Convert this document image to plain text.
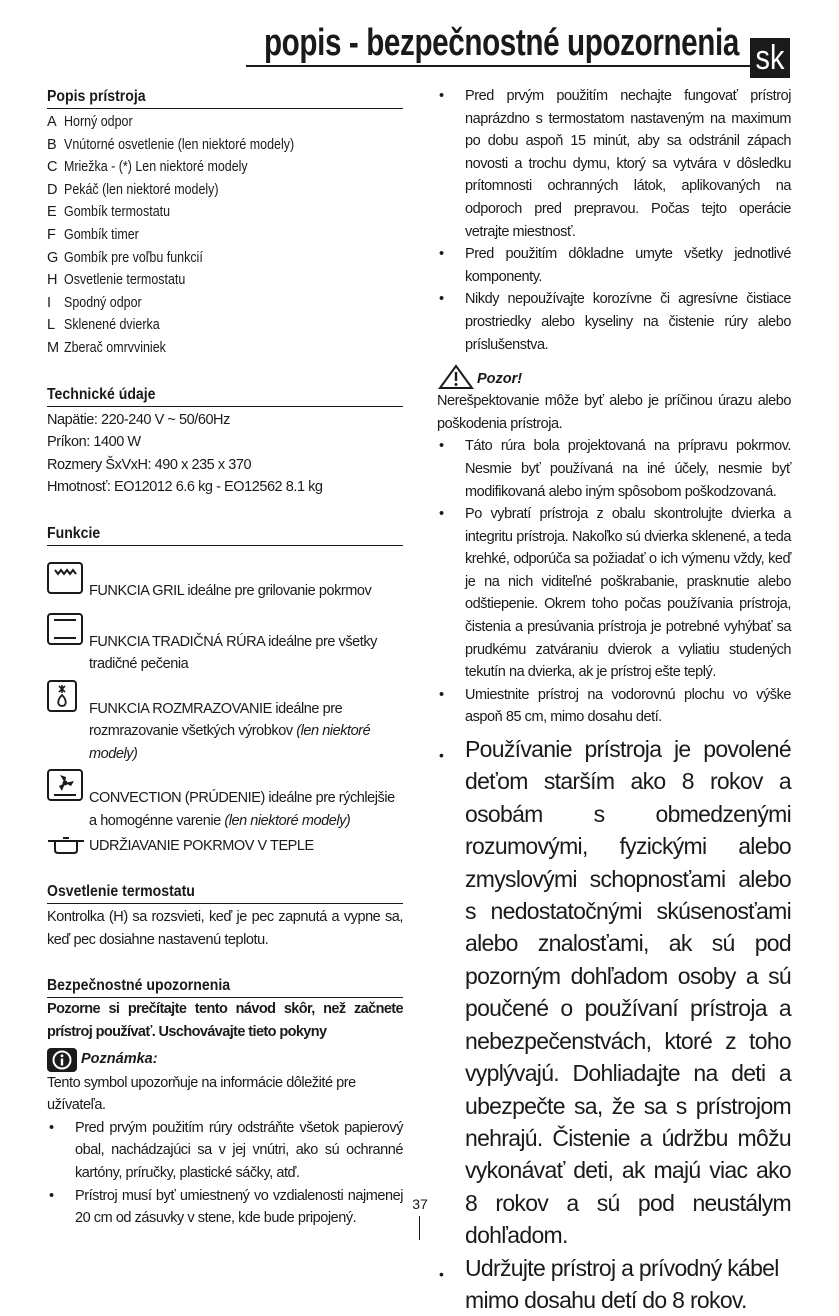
popis - bezpečnostné upozornenia sk
Popis prístroja
A Horný odpor
B Vnútorné osvetlenie (len niektoré modely)
C Mriežka - (*) Len niektoré modely
D Pekáč (len niektoré modely)
E Gombík termostatu
F Gombík timer
G Gombík pre voľbu funkcií
H Osvetlenie termostatu
I Spodný odpor
L Sklenené dvierka
M Zberač omrvviniek
Technické údaje
Napätie: 220-240 V ~ 50/60Hz
Príkon: 1400 W
Rozmery ŠxVxH: 490 x 235 x 370
Hmotnosť: EO12012 6.6 kg - EO12562 8.1 kg
Funkcie
FUNKCIA GRIL ideálne pre grilovanie pokrmov
FUNKCIA TRADIČNÁ RÚRA ideálne pre všetky tradičné pečenia
FUNKCIA ROZMRAZOVANIE ideálne pre rozmrazovanie všetkých výrobkov (len niektoré modely)
CONVECTION (PRÚDENIE) ideálne pre rýchlejšie a homogénne varenie (len niektoré modely)
UDRŽIAVANIE POKRMOV V TEPLE
Osvetlenie termostatu
Kontrolka (H) sa rozsvieti, keď je pec zapnutá a vypne sa, keď pec dosiahne nastavenú teplotu.
Bezpečnostné upozornenia
Pozorne si prečítajte tento návod skôr, než začnete prístroj používať. Uschovávajte tieto pokyny
Poznámka:
Tento symbol upozorňuje na informácie dôležité pre užívateľa.
•	Pred prvým použitím rúry odstráňte všetok papierový obal, nachádzajúci sa v jej vnútri, ako sú ochranné kartóny, príručky, plastické sáčky, atď.
•	Prístroj musí byť umiestnený vo vzdialenosti najmenej 20 cm od zásuvky v stene, kde bude pripojený.
•	Pred prvým použitím nechajte fungovať prístroj naprázdno s termostatom nastaveným na maximum po dobu aspoň 15 minút, aby sa odstránil zápach novosti a trochu dymu, ktorý sa vytvára v dôsledku prítomnosti ochranných látok, aplikovaných na odporoch pred prepravou. Počas tejto operácie vetrajte miestnosť.
•	Pred použitím dôkladne umyte všetky jednotlivé komponenty.
•	Nikdy nepoužívajte korozívne či agresívne čistiace prostriedky alebo kyseliny na čistenie rúry alebo príslušenstva.
Pozor!
Nerešpektovanie môže byť alebo je príčinou úrazu alebo poškodenia prístroja.
•	Táto rúra bola projektovaná na prípravu pokrmov. Nesmie byť používaná na iné účely, nesmie byť modifikovaná alebo iným spôsobom poškodzovaná.
•	Po vybratí prístroja z obalu skontrolujte dvierka a integritu prístroja. Nakoľko sú dvierka sklenené, a teda krehké, odporúča sa požiadať o ich výmenu vždy, keď je na nich viditeľné poškrabanie, prasknutie alebo odštiepenie. Okrem toho počas používania prístroja, čistenia a presúvania prístroja je potrebné vyhýbať sa prudkému zatváraniu dvierok a vyliatiu studených tekutín na dvierka, ak je prístroj ešte teplý.
•	Umiestnite prístroj na vodorovnú plochu vo výške aspoň 85 cm, mimo dosahu detí.
• Používanie prístroja je povolené deťom starším ako 8 rokov a osobám s obmedzenými rozumovými, fyzickými alebo zmyslovými schopnosťami alebo s nedostatočnými skúsenosťami alebo znalosťami, ak sú pod pozorným dohľadom osoby a sú poučené o používaní prístroja a nebezpečenstvách, ktoré z toho vyplývajú. Dohliadajte na deti a ubezpečte sa, že sa s prístrojom nehrajú. Čistenie a údržbu môžu vykonávať deti, ak majú viac ako 8 rokov a sú pod neustálym dohľadom.
• Udržujte prístroj a prívodný kábel mimo dosahu detí do 8 rokov.
37
